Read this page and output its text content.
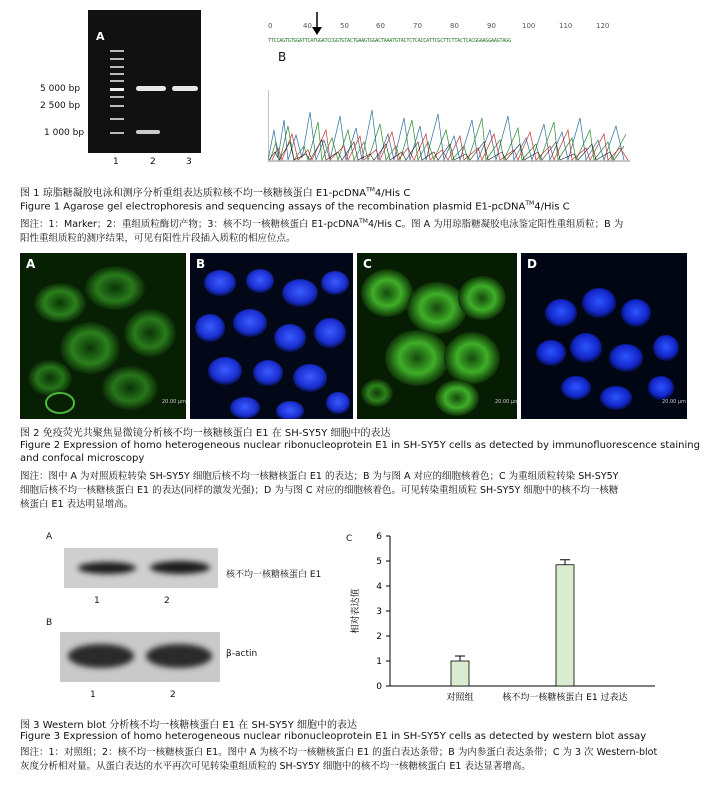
A
5 000 bp
2 500 bp
1 000 bp
1	2	3
0	40	50	60	70	80	90	100	110	120
TTCCAGTGTGGATTCATGGATCCGGTGTACTGAAGTGGACTAAATGTACTCTCACCATTCGCTTCTTACTCACGGAAGGAAGTAGG
B
图 1 琼脂糖凝胶电泳和测序分析重组表达质粒核不均一核糖核蛋白 E1-pcDNA™4/His C
Figure 1 Agarose gel electrophoresis and sequencing assays of the recombination plasmid E1-pcDNA™4/His C
图注：1：Marker；2：重组质粒酶切产物；3：核不均一核糖核蛋白 E1-pcDNA™4/His C。图 A 为用琼脂糖凝胶电泳鉴定阳性重组质粒；B 为
阳性重组质粒的测序结果，可见有阳性片段插入质粒的相应位点。
A
20.00 μm
B	C
20.00 μm
D
20.00 μm
图 2 免疫荧光共聚焦显微镜分析核不均一核糖核蛋白 E1 在 SH-SY5Y 细胞中的表达
Figure 2 Expression of homo heterogeneous nuclear ribonucleoprotein E1 in SH-SY5Y cells as detected by immunofluorescence staining
and confocal microscopy
图注：图中 A 为对照质粒转染 SH-SY5Y 细胞后核不均一核糖核蛋白 E1 的表达；B 为与图 A 对应的细胞核着色；C 为重组质粒转染 SH-SY5Y
细胞后核不均一核糖核蛋白 E1 的表达(同样的激发光强)；D 为与图 C 对应的细胞核着色。可见转染重组质粒 SH-SY5Y 细胞中的核不均一核糖
核蛋白 E1 表达明显增高。
A
核不均一核糖核蛋白 E1
1	2
B
β-actin
1	2
C
0
1
2
3
4
5
6
相对表达值
对照组	核不均一核糖核蛋白 E1 过表达
图 3 Western blot 分析核不均一核糖核蛋白 E1 在 SH-SY5Y 细胞中的表达
Figure 3 Expression of homo heterogeneous nuclear ribonucleoprotein E1 in SH-SY5Y cells as detected by western blot assay
图注：1：对照组；2：核不均一核糖核蛋白 E1。图中 A 为核不均一核糖核蛋白 E1 的蛋白表达条带；B 为内参蛋白表达条带；C 为 3 次 Western-blot
灰度分析相对量。从蛋白表达的水平再次可见转染重组质粒的 SH-SY5Y 细胞中的核不均一核糖核蛋白 E1 表达显著增高。
